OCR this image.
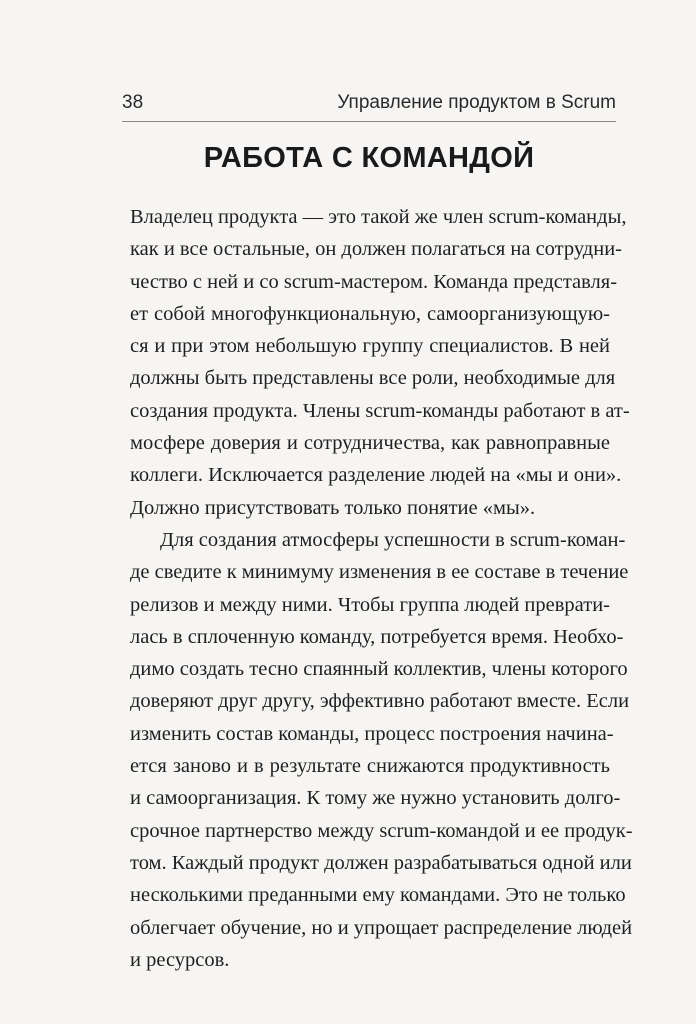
38	Управление продуктом в Scrum
РАБОТА С КОМАНДОЙ
Владелец продукта — это такой же член scrum-команды,
как и все остальные, он должен полагаться на сотрудни-
чество с ней и со scrum-мастером. Команда представля-
ет собой многофункциональную, самоорганизующую-
ся и при этом небольшую группу специалистов. В ней
должны быть представлены все роли, необходимые для
создания продукта. Члены scrum-команды работают в ат-
мосфере доверия и сотрудничества, как равноправные
коллеги. Исключается разделение людей на «мы и они».
Должно присутствовать только понятие «мы».
Для создания атмосферы успешности в scrum-коман-
де сведите к минимуму изменения в ее составе в течение
релизов и между ними. Чтобы группа людей преврати-
лась в сплоченную команду, потребуется время. Необхо-
димо создать тесно спаянный коллектив, члены которого
доверяют друг другу, эффективно работают вместе. Если
изменить состав команды, процесс построения начина-
ется заново и в результате снижаются продуктивность
и самоорганизация. К тому же нужно установить долго-
срочное партнерство между scrum-командой и ее продук-
том. Каждый продукт должен разрабатываться одной или
несколькими преданными ему командами. Это не только
облегчает обучение, но и упрощает распределение людей
и ресурсов.
